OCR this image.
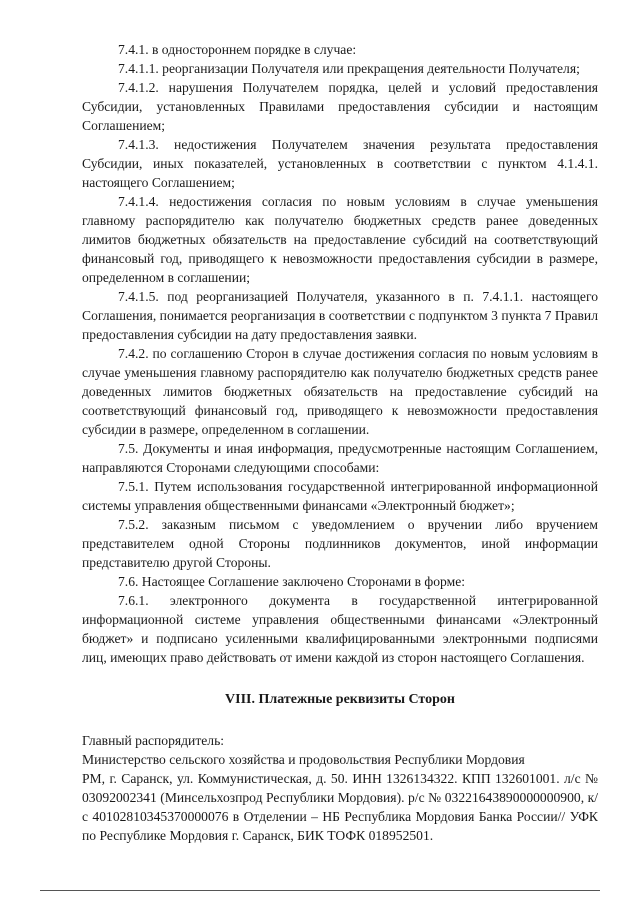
7.4.1. в одностороннем порядке в случае:

7.4.1.1. реорганизации Получателя или прекращения деятельности Получателя;

7.4.1.2. нарушения Получателем порядка, целей и условий предоставления Субсидии, установленных Правилами предоставления субсидии и настоящим Соглашением;

7.4.1.3. недостижения Получателем значения результата предоставления Субсидии, иных показателей, установленных в соответствии с пунктом 4.1.4.1. настоящего Соглашением;

7.4.1.4. недостижения согласия по новым условиям в случае уменьшения главному распорядителю как получателю бюджетных средств ранее доведенных лимитов бюджетных обязательств на предоставление субсидий на соответствующий финансовый год, приводящего к невозможности предоставления субсидии в размере, определенном в соглашении;

7.4.1.5. под реорганизацией Получателя, указанного в п. 7.4.1.1. настоящего Соглашения, понимается реорганизация в соответствии с подпунктом 3 пункта 7 Правил предоставления субсидии на дату предоставления заявки.

7.4.2. по соглашению Сторон в случае достижения согласия по новым условиям в случае уменьшения главному распорядителю как получателю бюджетных средств ранее доведенных лимитов бюджетных обязательств на предоставление субсидий на соответствующий финансовый год, приводящего к невозможности предоставления субсидии в размере, определенном в соглашении.

7.5. Документы и иная информация, предусмотренные настоящим Соглашением, направляются Сторонами следующими способами:

7.5.1. Путем использования государственной интегрированной информационной системы управления общественными финансами «Электронный бюджет»;

7.5.2. заказным письмом с уведомлением о вручении либо вручением представителем одной Стороны подлинников документов, иной информации представителю другой Стороны.

7.6. Настоящее Соглашение заключено Сторонами в форме:

7.6.1. электронного документа в государственной интегрированной информационной системе управления общественными финансами «Электронный бюджет» и подписано усиленными квалифицированными электронными подписями лиц, имеющих право действовать от имени каждой из сторон настоящего Соглашения.

VIII. Платежные реквизиты Сторон

Главный распорядитель:

Министерство сельского хозяйства и продовольствия Республики Мордовия

РМ, г. Саранск, ул. Коммунистическая, д. 50. ИНН 1326134322. КПП 132601001. л/с № 03092002341 (Минсельхозпрод Республики Мордовия). р/с № 03221643890000000900, к/с 40102810345370000076 в Отделении – НБ Республика Мордовия Банка России// УФК по Республике Мордовия г. Саранск, БИК ТОФК 018952501.
